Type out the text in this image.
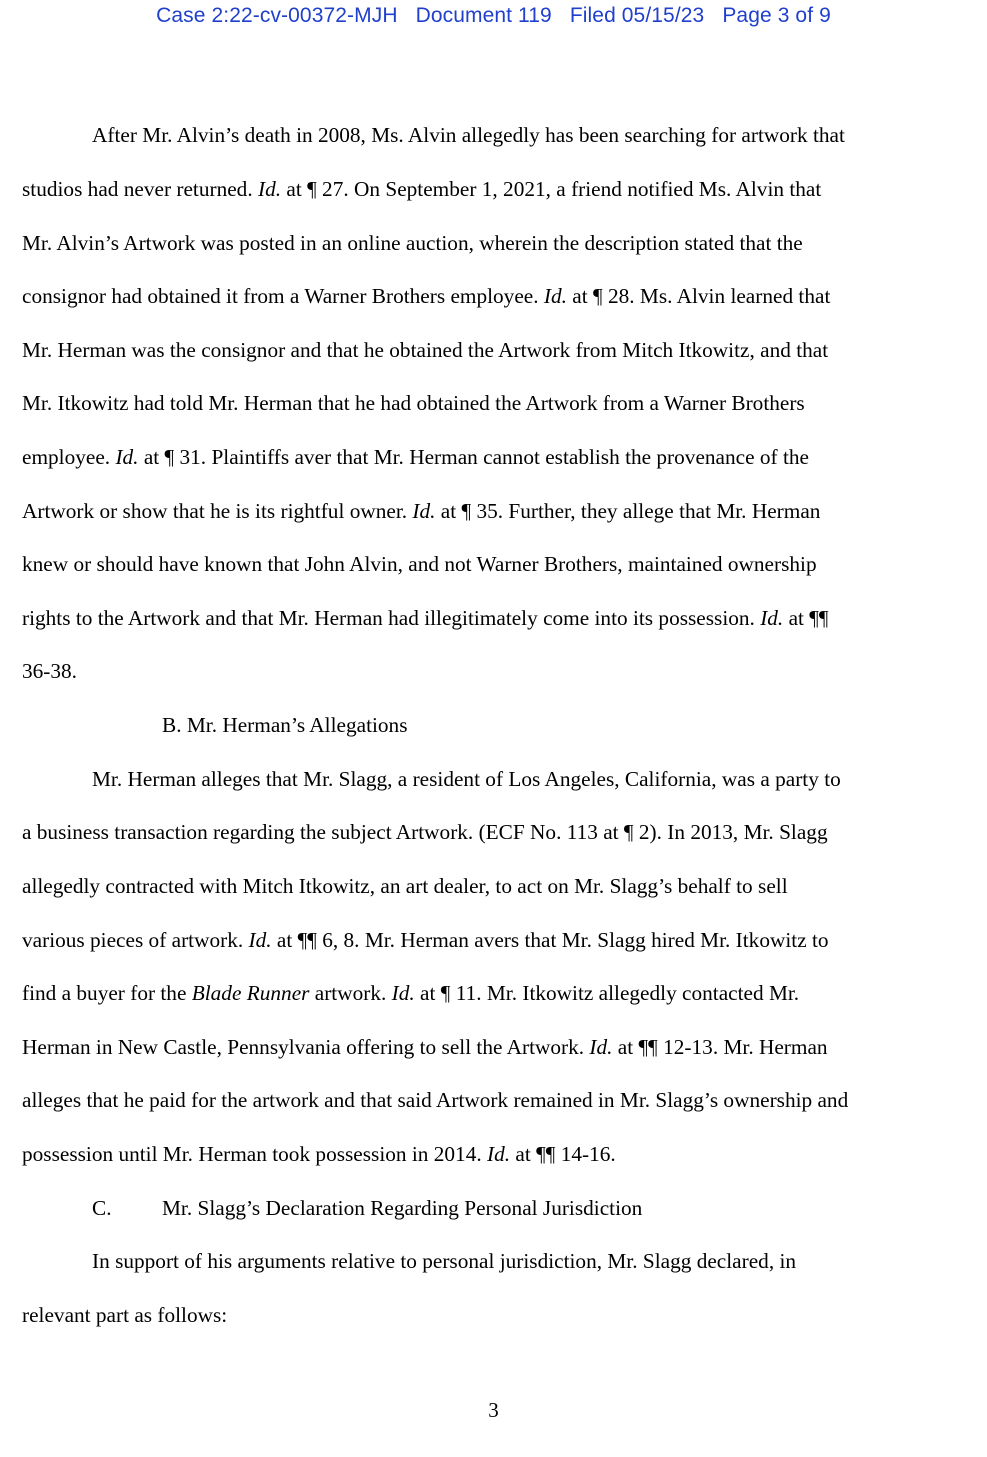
Case 2:22-cv-00372-MJH Document 119 Filed 05/15/23 Page 3 of 9
After Mr. Alvin’s death in 2008, Ms. Alvin allegedly has been searching for artwork that
studios had never returned. Id. at ¶ 27. On September 1, 2021, a friend notified Ms. Alvin that
Mr. Alvin’s Artwork was posted in an online auction, wherein the description stated that the
consignor had obtained it from a Warner Brothers employee. Id. at ¶ 28. Ms. Alvin learned that
Mr. Herman was the consignor and that he obtained the Artwork from Mitch Itkowitz, and that
Mr. Itkowitz had told Mr. Herman that he had obtained the Artwork from a Warner Brothers
employee. Id. at ¶ 31. Plaintiffs aver that Mr. Herman cannot establish the provenance of the
Artwork or show that he is its rightful owner. Id. at ¶ 35. Further, they allege that Mr. Herman
knew or should have known that John Alvin, and not Warner Brothers, maintained ownership
rights to the Artwork and that Mr. Herman had illegitimately come into its possession. Id. at ¶¶
36-38.
B. Mr. Herman’s Allegations
Mr. Herman alleges that Mr. Slagg, a resident of Los Angeles, California, was a party to
a business transaction regarding the subject Artwork. (ECF No. 113 at ¶ 2). In 2013, Mr. Slagg
allegedly contracted with Mitch Itkowitz, an art dealer, to act on Mr. Slagg’s behalf to sell
various pieces of artwork. Id. at ¶¶ 6, 8. Mr. Herman avers that Mr. Slagg hired Mr. Itkowitz to
find a buyer for the Blade Runner artwork. Id. at ¶ 11. Mr. Itkowitz allegedly contacted Mr.
Herman in New Castle, Pennsylvania offering to sell the Artwork. Id. at ¶¶ 12-13. Mr. Herman
alleges that he paid for the artwork and that said Artwork remained in Mr. Slagg’s ownership and
possession until Mr. Herman took possession in 2014. Id. at ¶¶ 14-16.
C. Mr. Slagg’s Declaration Regarding Personal Jurisdiction
In support of his arguments relative to personal jurisdiction, Mr. Slagg declared, in
relevant part as follows:
3
